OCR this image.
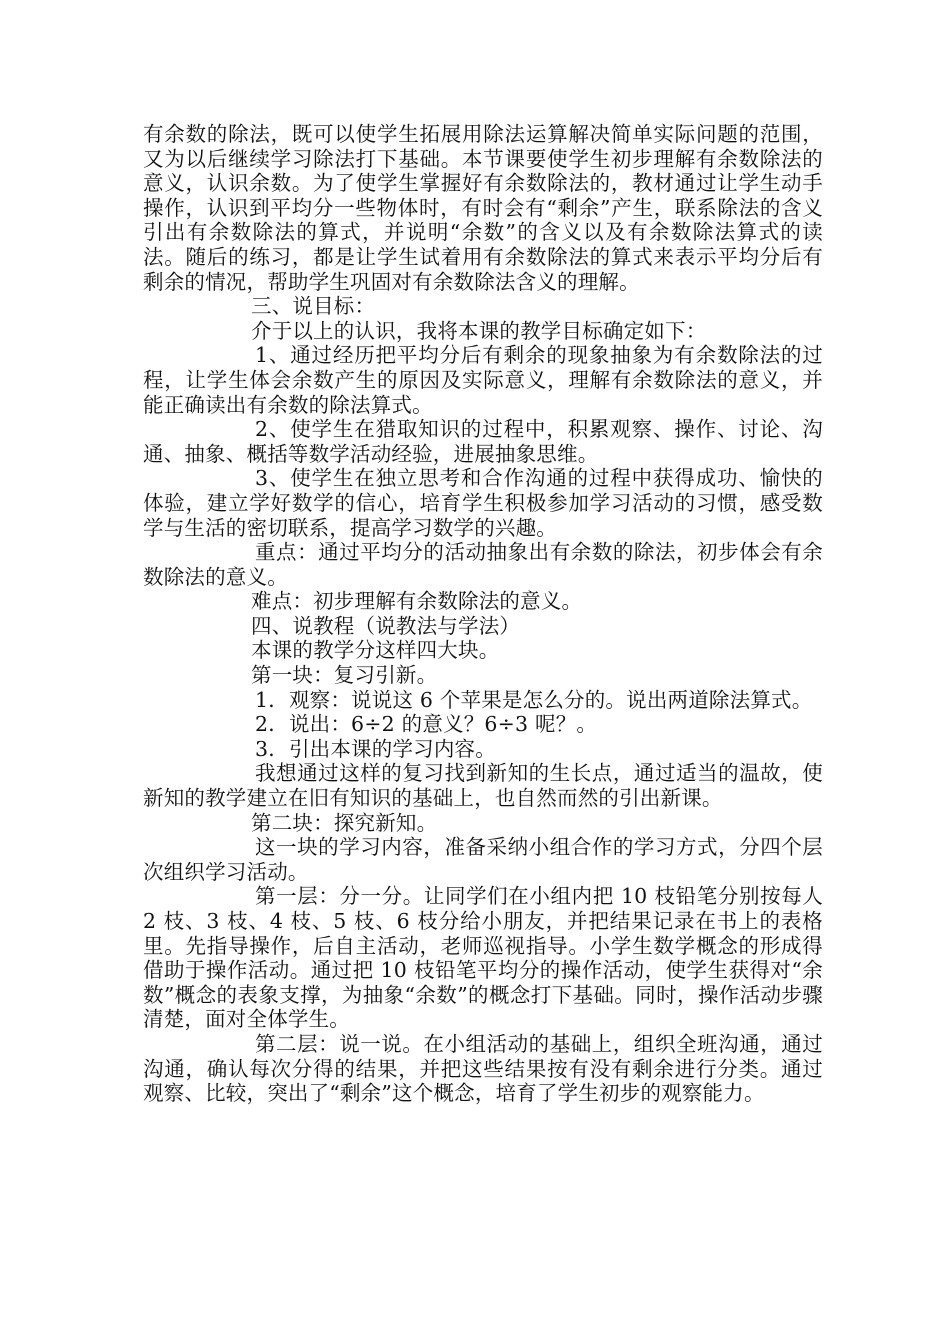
有余数的除法，既可以使学生拓展用除法运算解决简单实际问题的范围，又为以后继续学习除法打下基础。本节课要使学生初步理解有余数除法的意义，认识余数。为了使学生掌握好有余数除法的，教材通过让学生动手操作，认识到平均分一些物体时，有时会有“剩余”产生，联系除法的含义引出有余数除法的算式，并说明“余数”的含义以及有余数除法算式的读法。随后的练习，都是让学生试着用有余数除法的算式来表示平均分后有剩余的情况，帮助学生巩固对有余数除法含义的理解。

三、说目标：

介于以上的认识，我将本课的教学目标确定如下：

1、通过经历把平均分后有剩余的现象抽象为有余数除法的过程，让学生体会余数产生的原因及实际意义，理解有余数除法的意义，并能正确读出有余数的除法算式。

2、使学生在猎取知识的过程中，积累观察、操作、讨论、沟通、抽象、概括等数学活动经验，进展抽象思维。

3、使学生在独立思考和合作沟通的过程中获得成功、愉快的体验，建立学好数学的信心，培育学生积极参加学习活动的习惯，感受数学与生活的密切联系，提高学习数学的兴趣。

重点：通过平均分的活动抽象出有余数的除法，初步体会有余数除法的意义。

难点：初步理解有余数除法的意义。

四、说教程（说教法与学法）

本课的教学分这样四大块。

第一块：复习引新。

1．观察：说说这 6 个苹果是怎么分的。说出两道除法算式。

2．说出：6÷2 的意义？6÷3 呢？。

3．引出本课的学习内容。

我想通过这样的复习找到新知的生长点，通过适当的温故，使新知的教学建立在旧有知识的基础上，也自然而然的引出新课。

第二块：探究新知。

这一块的学习内容，准备采纳小组合作的学习方式，分四个层次组织学习活动。

第一层：分一分。让同学们在小组内把 10 枝铅笔分别按每人 2 枝、3 枝、4 枝、5 枝、6 枝分给小朋友，并把结果记录在书上的表格里。先指导操作，后自主活动，老师巡视指导。小学生数学概念的形成得借助于操作活动。通过把 10 枝铅笔平均分的操作活动，使学生获得对“余数”概念的表象支撑，为抽象“余数”的概念打下基础。同时，操作活动步骤清楚，面对全体学生。

第二层：说一说。在小组活动的基础上，组织全班沟通，通过沟通，确认每次分得的结果，并把这些结果按有没有剩余进行分类。通过观察、比较，突出了“剩余”这个概念，培育了学生初步的观察能力。
